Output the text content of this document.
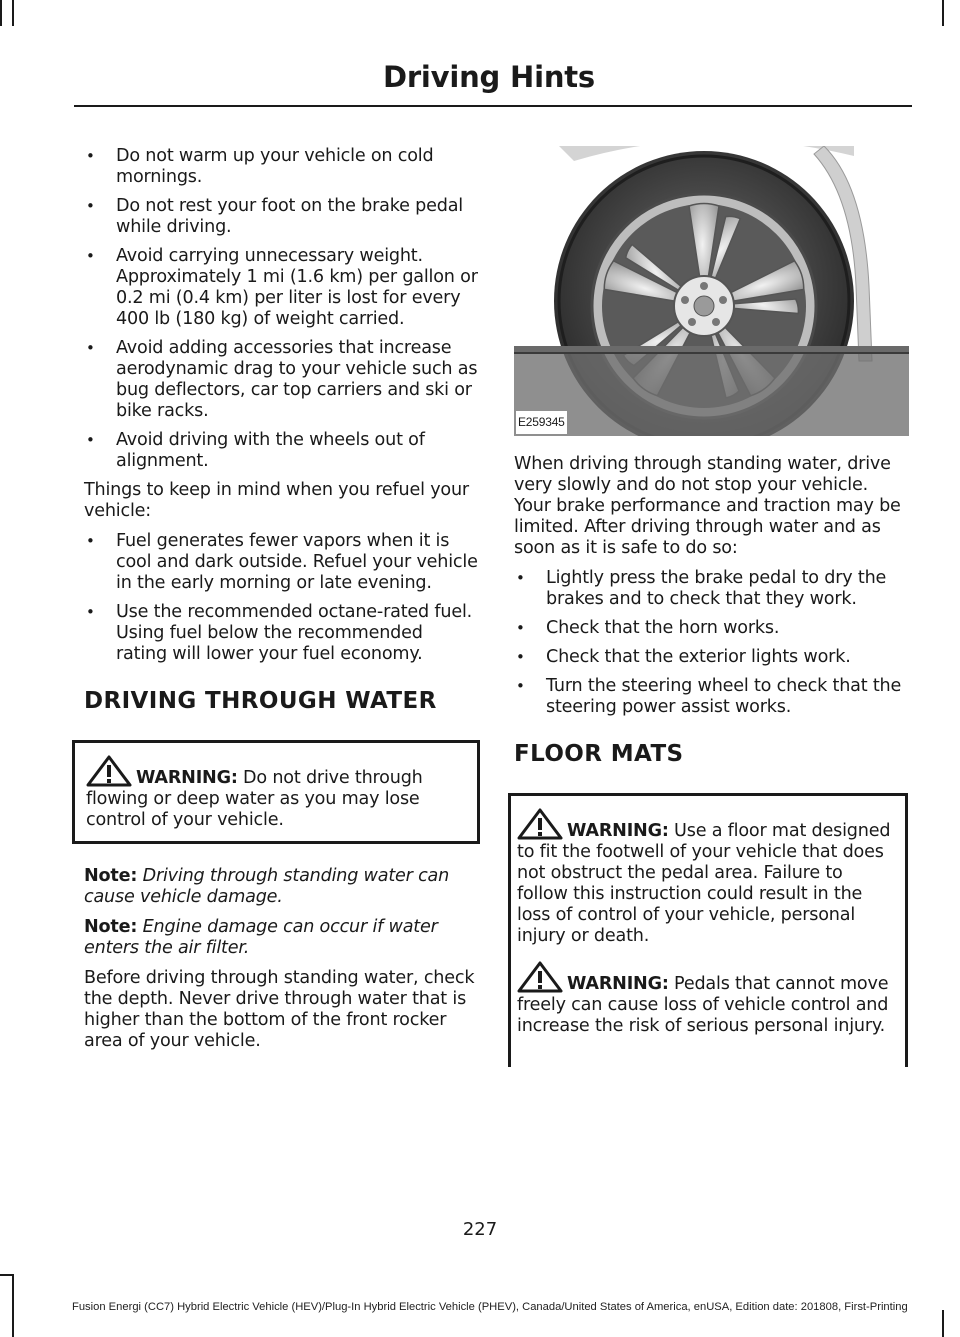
Driving Hints
• Do not warm up your vehicle on cold mornings.
• Do not rest your foot on the brake pedal while driving.
• Avoid carrying unnecessary weight. Approximately 1 mi (1.6 km) per gallon or 0.2 mi (0.4 km) per liter is lost for every 400 lb (180 kg) of weight carried.
• Avoid adding accessories that increase aerodynamic drag to your vehicle such as bug deflectors, car top carriers and ski or bike racks.
• Avoid driving with the wheels out of alignment.

Things to keep in mind when you refuel your vehicle:

• Fuel generates fewer vapors when it is cool and dark outside. Refuel your vehicle in the early morning or late evening.
• Use the recommended octane-rated fuel. Using fuel below the recommended rating will lower your fuel economy.
DRIVING THROUGH WATER

WARNING: Do not drive through flowing or deep water as you may lose control of your vehicle.

Note: Driving through standing water can cause vehicle damage.

Note: Engine damage can occur if water enters the air filter.

Before driving through standing water, check the depth. Never drive through water that is higher than the bottom of the front rocker area of your vehicle.

E259345

When driving through standing water, drive very slowly and do not stop your vehicle. Your brake performance and traction may be limited. After driving through water and as soon as it is safe to do so:

• Lightly press the brake pedal to dry the brakes and to check that they work.
• Check that the horn works.
• Check that the exterior lights work.
• Turn the steering wheel to check that the steering power assist works.
FLOOR MATS

WARNING: Use a floor mat designed to fit the footwell of your vehicle that does not obstruct the pedal area. Failure to follow this instruction could result in the loss of control of your vehicle, personal injury or death.

WARNING: Pedals that cannot move freely can cause loss of vehicle control and increase the risk of serious personal injury.

227
Fusion Energi (CC7) Hybrid Electric Vehicle (HEV)/Plug-In Hybrid Electric Vehicle (PHEV), Canada/United States of America, enUSA, Edition date: 201808, First-Printing
